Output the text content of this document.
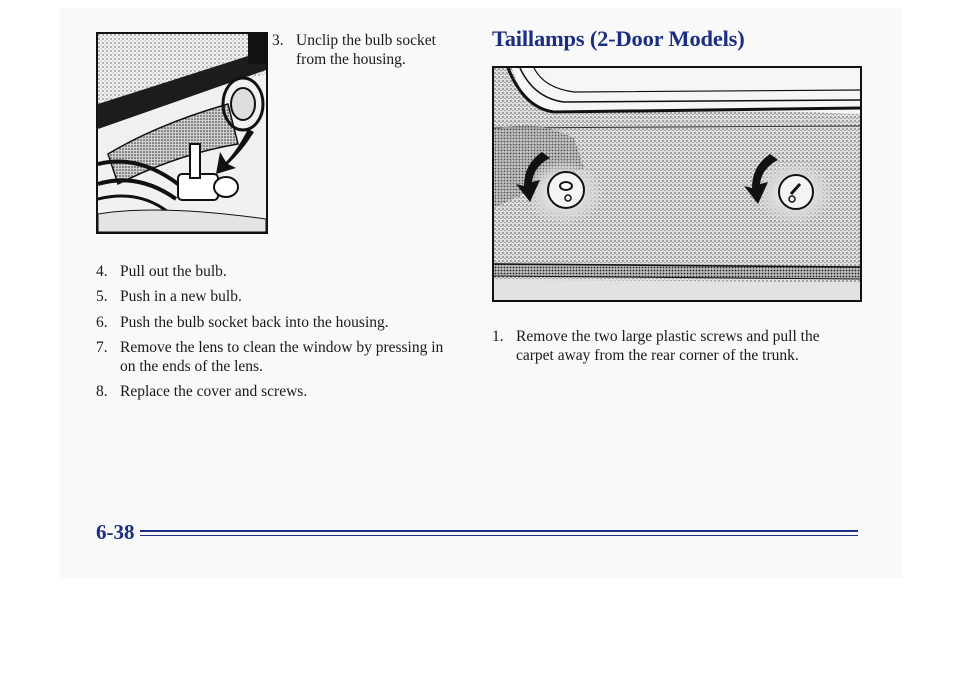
3. Unclip the bulb socket
from the housing.
4. Pull out the bulb.
5. Push in a new bulb.
6. Push the bulb socket back into the housing.
7. Remove the lens to clean the window by pressing in
on the ends of the lens.
8. Replace the cover and screws.
Taillamps (2-Door Models)
1. Remove the two large plastic screws and pull the
carpet away from the rear corner of the trunk.
6-38
